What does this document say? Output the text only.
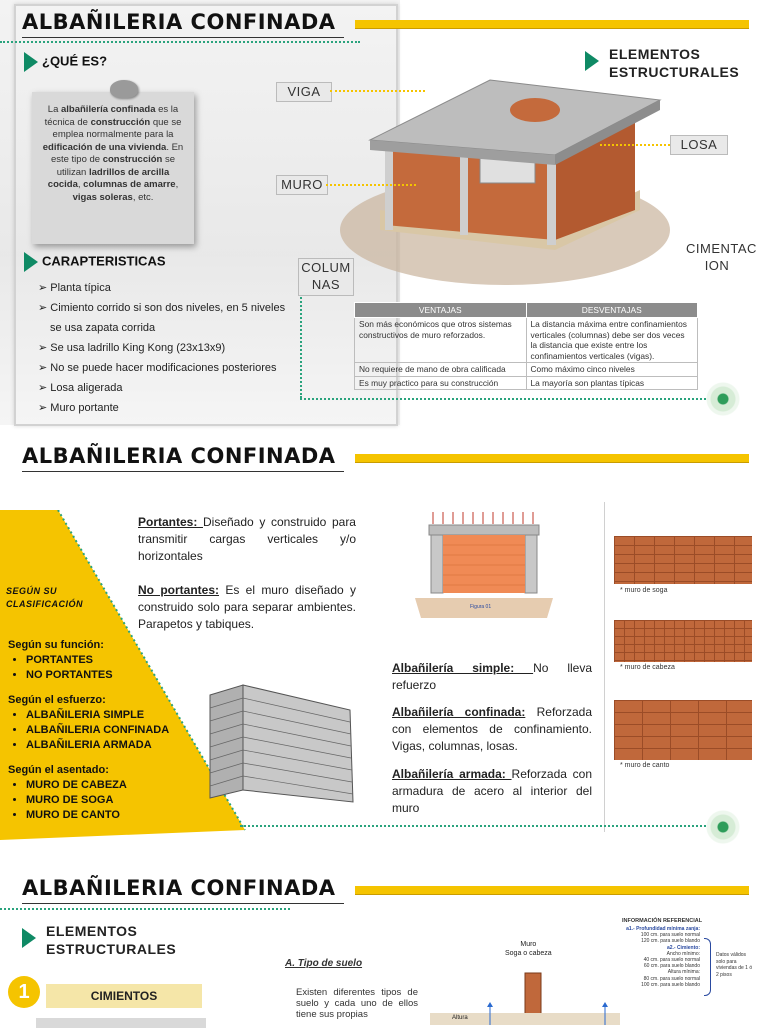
ALBAÑILERIA CONFINADA
¿QUÉ ES?
La albañilería confinada es la técnica de construcción que se emplea normalmente para la edificación de una vivienda. En este tipo de construcción se utilizan ladrillos de arcilla cocida, columnas de amarre, vigas soleras, etc.
CARAPTERISTICAS
➢ Planta típica
➢ Cimiento corrido si son dos niveles, en 5 niveles
se usa zapata corrida
➢ Se usa ladrillo King Kong (23x13x9)
➢ No se puede hacer modificaciones posteriores
➢ Losa aligerada
➢ Muro portante
ELEMENTOS
ESTRUCTURALES
VIGA
LOSA
MURO
CIMENTAC
ION
COLUM
NAS
VENTAJAS	DESVENTAJAS
Son más económicos que otros sistemas constructivos de muro reforzados.	La distancia máxima entre confinamientos verticales (columnas) debe ser dos veces la distancia que existe entre los confinamientos verticales (vigas).
No requiere de mano de obra calificada	Como máximo cinco niveles
Es muy practico para su construcción	La mayoría son plantas típicas
ALBAÑILERIA CONFINADA
SEGÚN SU
CLASIFICACIÓN
Según su función:
• PORTANTES
• NO PORTANTES
Según el esfuerzo:
• ALBAÑILERIA SIMPLE
• ALBAÑILERIA CONFINADA
• ALBAÑILERIA ARMADA
Según el asentado:
• MURO DE CABEZA
• MURO DE SOGA
• MURO DE CANTO
Portantes: Diseñado y construido para transmitir cargas verticales y/o horizontales
No portantes: Es el muro diseñado y construido solo para separar ambientes. Parapetos y tabiques.
Figura 01
* muro de soga
* muro de cabeza
* muro de canto
Albañilería simple: No lleva refuerzo
Albañilería confinada: Reforzada con elementos de confinamiento. Vigas, columnas, losas.
Albañilería armada: Reforzada con armadura de acero al interior del muro
ALBAÑILERIA CONFINADA
ELEMENTOS
ESTRUCTURALES
1	CIMIENTOS
A. Tipo de suelo
Existen diferentes tipos de suelo y cada uno de ellos tiene sus propias
Muro
Soga o cabeza
Altura
INFORMACIÓN REFERENCIAL
a1.- Profundidad mínima zanja:
100 cm. para suelo normal
120 cm. para suelo blando
a2.- Cimiento:
Ancho mínimo:
40 cm. para suelo normal
60 cm. para suelo blando
Altura mínima:
80 cm. para suelo normal
100 cm. para suelo blando
Datos válidos solo para viviendas de 1 ó 2 pisos
